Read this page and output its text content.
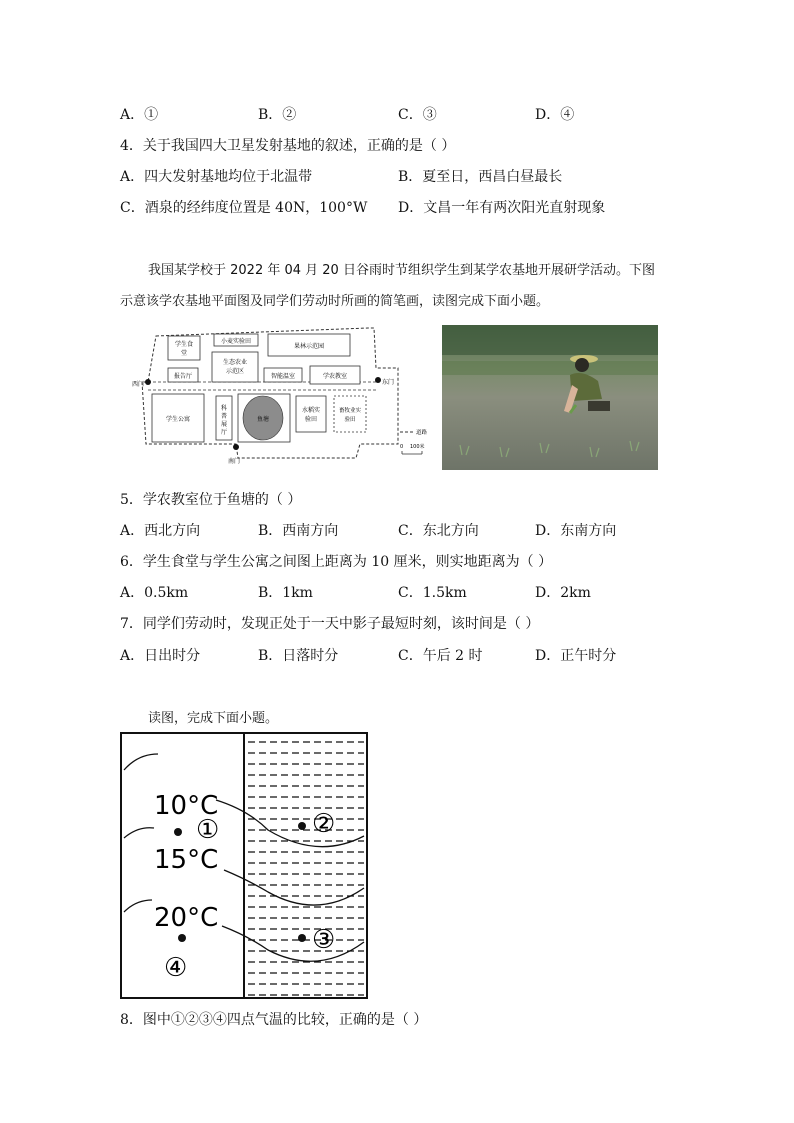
A．①	B．②	C．③	D．④
4．关于我国四大卫星发射基地的叙述，正确的是（ ）
A．四大发射基地均位于北温带	B．夏至日，西昌白昼最长
C．酒泉的经纬度位置是 40N，100°W D．文昌一年有两次阳光直射现象
我国某学校于 2022 年 04 月 20 日谷雨时节组织学生到某学农基地开展研学活动。下图
示意该学农基地平面图及同学们劳动时所画的简笔画，读图完成下面小题。
学生食
堂
小麦实验田
果林示范园
生态农业
示范区
报告厅	智能温室	学农教室
学生公寓
科
普
展
厅
鱼塘
水稻实
验田
畜牧业实
验田
西门	东门
南门
道路
0 100米
5．学农教室位于鱼塘的（ ）
A．西北方向	B．西南方向	C．东北方向	D．东南方向
6．学生食堂与学生公寓之间图上距离为 10 厘米，则实地距离为（ ）
A．0.5km	B．1km	C．1.5km	D．2km
7．同学们劳动时，发现正处于一天中影子最短时刻，该时间是（ ）
A．日出时分	B．日落时分	C．午后 2 时	D．正午时分
读图，完成下面小题。
10°C
15°C
20°C
①	②
③
④
8．图中①②③④四点气温的比较，正确的是（ ）
